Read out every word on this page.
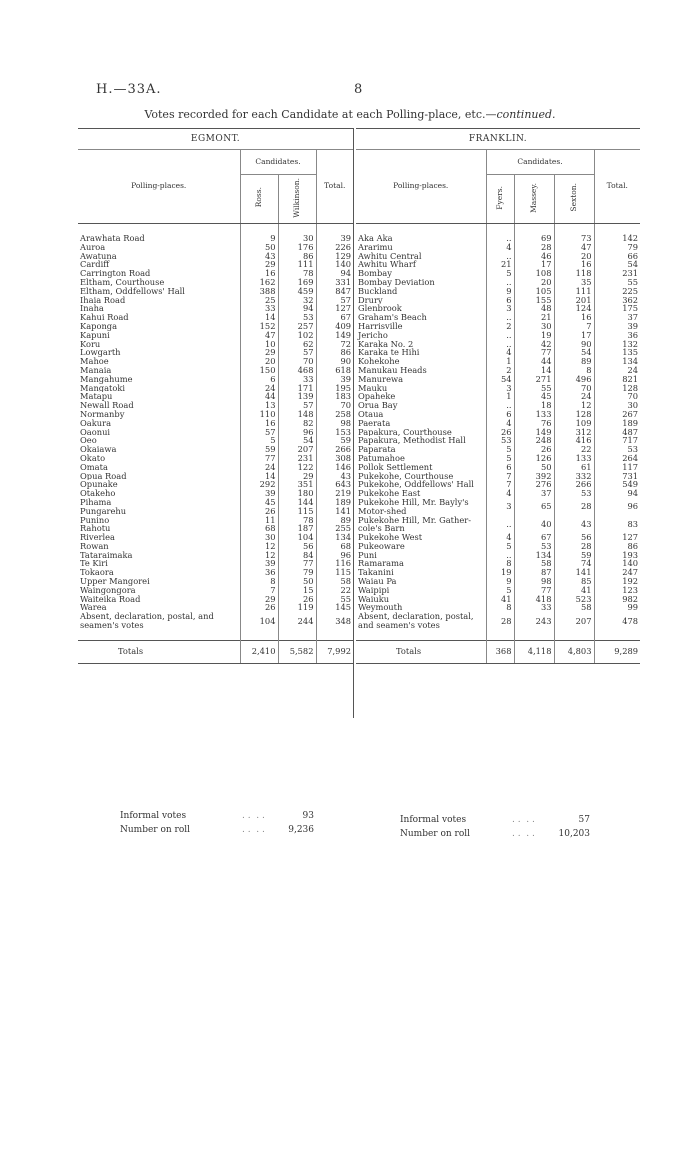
H.—33A.	8
Votes recorded for each Candidate at each Polling-place, etc.—continued.
EGMONT.			
Polling-places.	Candidates.		Total.
	Ross.	Wilkinson.	

Arawhata Road	9	30	39
Auroa	50	176	226
Awatuna	43	86	129
Cardiff	29	111	140
Carrington Road	16	78	94
Eltham, Courthouse	162	169	331
Eltham, Oddfellows' Hall	388	459	847
Ihaia Road	25	32	57
Inaha	33	94	127
Kahui Road	14	53	67
Kaponga	152	257	409
Kapuni	47	102	149
Koru	10	62	72
Lowgarth	29	57	86
Mahoe	20	70	90
Manaia	150	468	618
Mangahume	6	33	39
Mangatoki	24	171	195
Matapu	44	139	183
Newall Road	13	57	70
Normanby	110	148	258
Oakura	16	82	98
Oaonui	57	96	153
Oeo	5	54	59
Okaiawa	59	207	266
Okato	77	231	308
Omata	24	122	146
Opua Road	14	29	43
Opunake	292	351	643
Otakeho	39	180	219
Pihama	45	144	189
Pungarehu	26	115	141
Punino	11	78	89
Rahotu	68	187	255
Riverlea	30	104	134
Rowan	12	56	68
Tataraimaka	12	84	96
Te Kiri	39	77	116
Tokaora	36	79	115
Upper Mangorei	8	50	58
Waingongora	7	15	22
Waiteika Road	29	26	55
Warea	26	119	145
Absent, declaration, postal, and seamen's votes	104	244	348

Totals	2,410	5,582	7,992
FRANKLIN.				
Polling-places.	Candidates.			Total.
	Fyers.	Massey.	Sexton.	

Aka Aka	..	69	73	142
Ararimu	4	28	47	79
Awhitu Central	..	46	20	66
Awhitu Wharf	21	17	16	54
Bombay	5	108	118	231
Bombay Deviation	..	20	35	55
Buckland	9	105	111	225
Drury	6	155	201	362
Glenbrook	3	48	124	175
Graham's Beach	..	21	16	37
Harrisville	2	30	7	39
Jericho	..	19	17	36
Karaka No. 2	..	42	90	132
Karaka te Hihi	4	77	54	135
Kohekohe	1	44	89	134
Manukau Heads	2	14	8	24
Manurewa	54	271	496	821
Mauku	3	55	70	128
Opaheke	1	45	24	70
Orua Bay	..	18	12	30
Otaua	6	133	128	267
Paerata	4	76	109	189
Papakura, Courthouse	26	149	312	487
Papakura, Methodist Hall	53	248	416	717
Paparata	5	26	22	53
Patumahoe	5	126	133	264
Pollok Settlement	6	50	61	117
Pukekohe, Courthouse	7	392	332	731
Pukekohe, Oddfellows' Hall	7	276	266	549
Pukekohe East	4	37	53	94
Pukekohe Hill, Mr. Bayly's Motor-shed	3	65	28	96
Pukekohe Hill, Mr. Gather-cole's Barn	..	40	43	83
Pukekohe West	4	67	56	127
Pukeoware	5	53	28	86
Puni	..	134	59	193
Ramarama	8	58	74	140
Takanini	19	87	141	247
Waiau Pa	9	98	85	192
Waipipi	5	77	41	123
Waiuku	41	418	523	982
Weymouth	8	33	58	99
Absent, declaration, postal, and seamen's votes	28	243	207	478

Totals	368	4,118	4,803	9,289
Informal votes	. .  . .	93
Number on roll	. .  . .	9,236
Informal votes	. .  . .	57
Number on roll	. .  . .	10,203
